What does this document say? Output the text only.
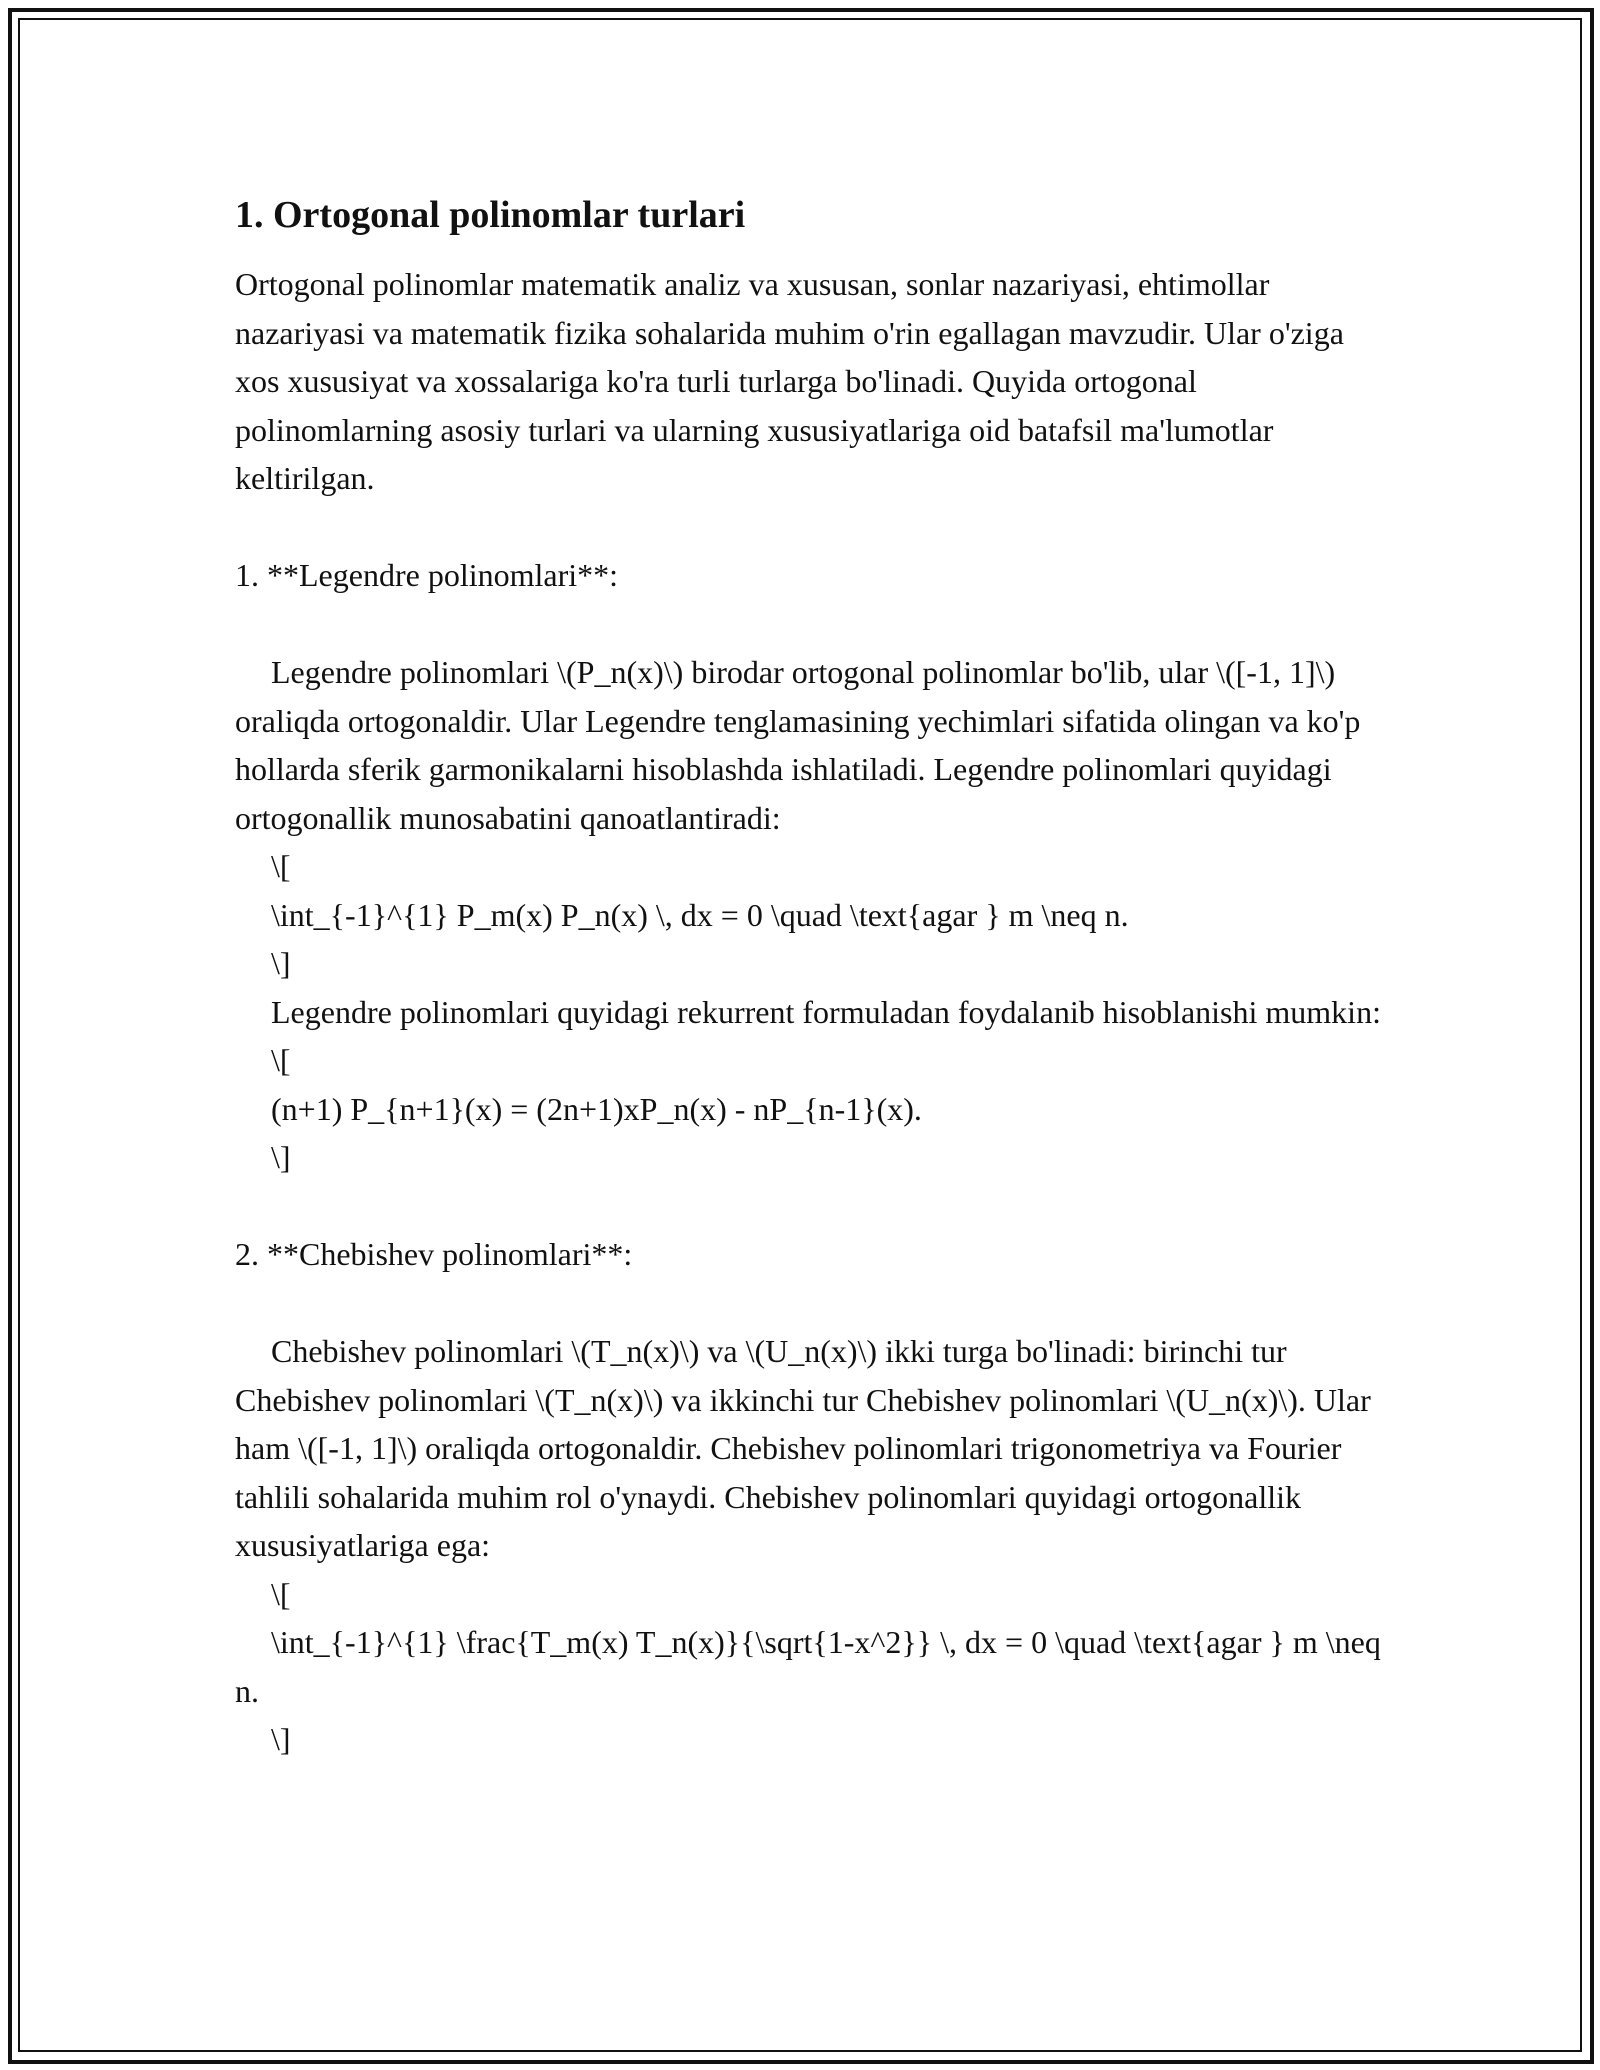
1. Ortogonal polinomlar turlari

Ortogonal polinomlar matematik analiz va xususan, sonlar nazariyasi, ehtimollar nazariyasi va matematik fizika sohalarida muhim o'rin egallagan mavzudir. Ular o'ziga xos xususiyat va xossalariga ko'ra turli turlarga bo'linadi. Quyida ortogonal polinomlarning asosiy turlari va ularning xususiyatlariga oid batafsil ma'lumotlar keltirilgan.

1. **Legendre polinomlari**:

Legendre polinomlari \(P_n(x)\) birodar ortogonal polinomlar bo'lib, ular \([-1, 1]\) oraliqda ortogonaldir. Ular Legendre tenglamasining yechimlari sifatida olingan va ko'p hollarda sferik garmonikalarni hisoblashda ishlatiladi. Legendre polinomlari quyidagi ortogonallik munosabatini qanoatlantiradi:

\[

\int_{-1}^{1} P_m(x) P_n(x) \, dx = 0 \quad \text{agar } m \neq n.

\]

Legendre polinomlari quyidagi rekurrent formuladan foydalanib hisoblanishi mumkin:

\[

(n+1) P_{n+1}(x) = (2n+1)xP_n(x) - nP_{n-1}(x).

\]

2. **Chebishev polinomlari**:

Chebishev polinomlari \(T_n(x)\) va \(U_n(x)\) ikki turga bo'linadi: birinchi tur Chebishev polinomlari \(T_n(x)\) va ikkinchi tur Chebishev polinomlari \(U_n(x)\). Ular ham \([-1, 1]\) oraliqda ortogonaldir. Chebishev polinomlari trigonometriya va Fourier tahlili sohalarida muhim rol o'ynaydi. Chebishev polinomlari quyidagi ortogonallik xususiyatlariga ega:

\[

\int_{-1}^{1} \frac{T_m(x) T_n(x)}{\sqrt{1-x^2}} \, dx = 0 \quad \text{agar } m \neq n.

\]
